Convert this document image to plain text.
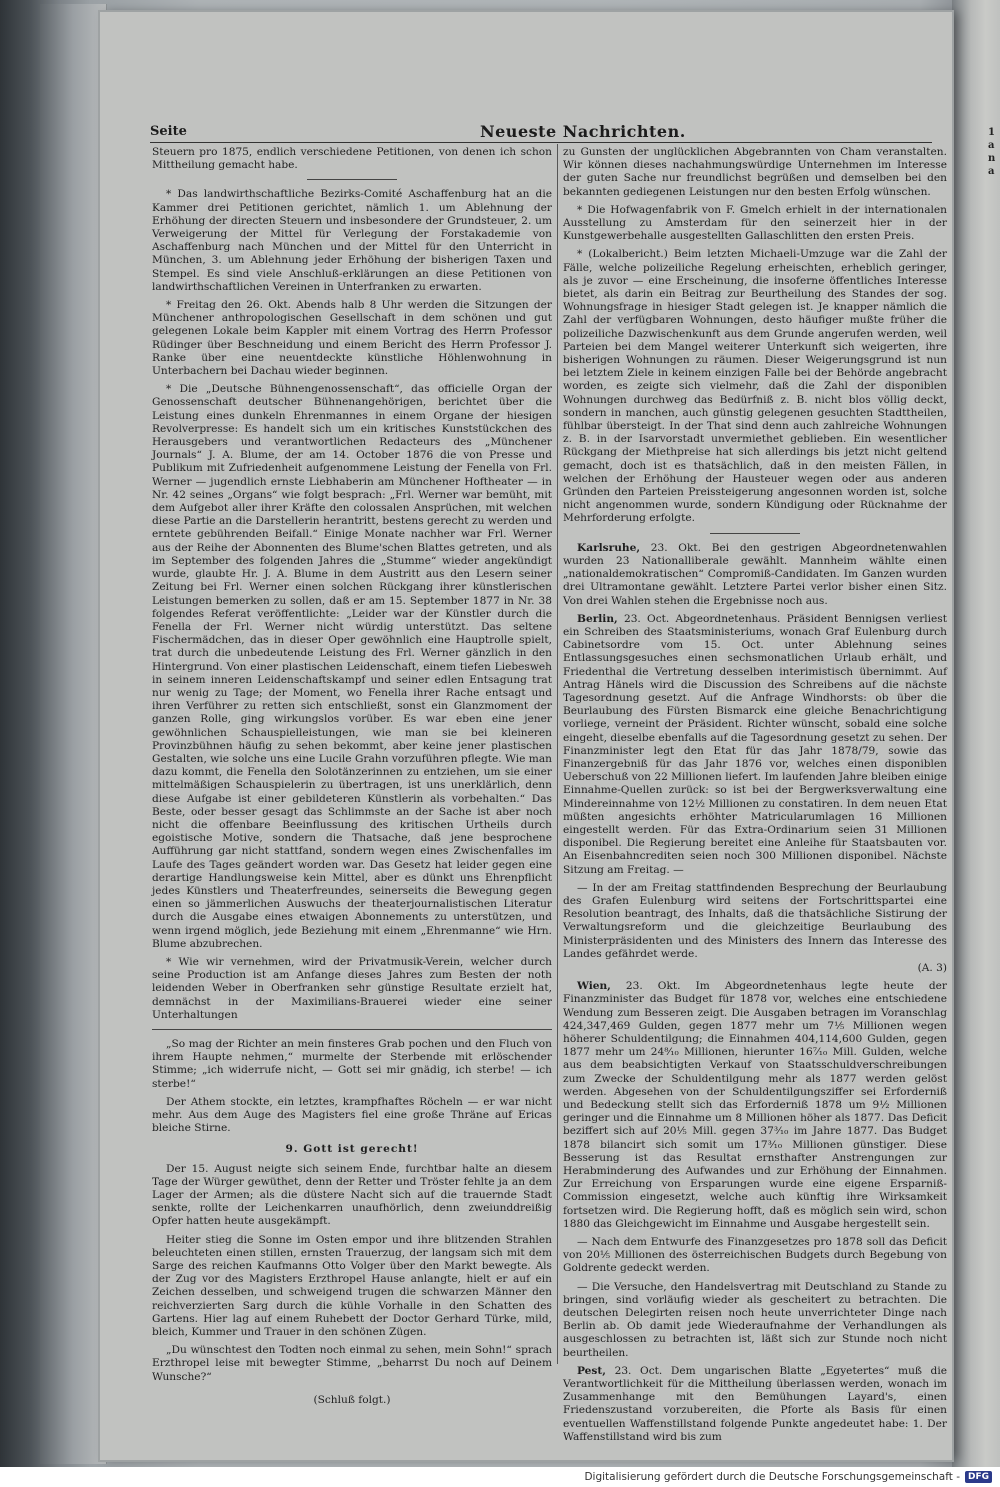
1
a
n
a
Seite	Neueste Nachrichten.

Steuern pro 1875, endlich verschiedene Petitionen, von denen ich schon Mittheilung gemacht habe.

* Das landwirthschaftliche Bezirks-Comité Aschaffenburg hat an die Kammer drei Petitionen gerichtet, nämlich 1. um Ablehnung der Erhöhung der directen Steuern und insbesondere der Grundsteuer, 2. um Verweigerung der Mittel für Verlegung der Forstakademie von Aschaffenburg nach München und der Mittel für den Unterricht in München, 3. um Ablehnung jeder Erhöhung der bisherigen Taxen und Stempel. Es sind viele Anschluß-erklärungen an diese Petitionen von landwirthschaftlichen Vereinen in Unterfranken zu erwarten.

* Freitag den 26. Okt. Abends halb 8 Uhr werden die Sitzungen der Münchener anthropologischen Gesellschaft in dem schönen und gut gelegenen Lokale beim Kappler mit einem Vortrag des Herrn Professor Rüdinger über Beschneidung und einem Bericht des Herrn Professor J. Ranke über eine neuentdeckte künstliche Höhlenwohnung in Unterbachern bei Dachau wieder beginnen.

* Die „Deutsche Bühnengenossenschaft“, das officielle Organ der Genossenschaft deutscher Bühnenangehörigen, berichtet über die Leistung eines dunkeln Ehrenmannes in einem Organe der hiesigen Revolverpresse: Es handelt sich um ein kritisches Kunststückchen des Herausgebers und verantwortlichen Redacteurs des „Münchener Journals“ J. A. Blume, der am 14. October 1876 die von Presse und Publikum mit Zufriedenheit aufgenommene Leistung der Fenella von Frl. Werner — jugendlich ernste Liebhaberin am Münchener Hoftheater — in Nr. 42 seines „Organs“ wie folgt besprach: „Frl. Werner war bemüht, mit dem Aufgebot aller ihrer Kräfte den colossalen Ansprüchen, mit welchen diese Partie an die Darstellerin herantritt, bestens gerecht zu werden und erntete gebührenden Beifall.“ Einige Monate nachher war Frl. Werner aus der Reihe der Abonnenten des Blume'schen Blattes getreten, und als im September des folgenden Jahres die „Stumme“ wieder angekündigt wurde, glaubte Hr. J. A. Blume in dem Austritt aus den Lesern seiner Zeitung bei Frl. Werner einen solchen Rückgang ihrer künstlerischen Leistungen bemerken zu sollen, daß er am 15. September 1877 in Nr. 38 folgendes Referat veröffentlichte: „Leider war der Künstler durch die Fenella der Frl. Werner nicht würdig unterstützt. Das seltene Fischermädchen, das in dieser Oper gewöhnlich eine Hauptrolle spielt, trat durch die unbedeutende Leistung des Frl. Werner gänzlich in den Hintergrund. Von einer plastischen Leidenschaft, einem tiefen Liebesweh in seinem inneren Leidenschaftskampf und seiner edlen Entsagung trat nur wenig zu Tage; der Moment, wo Fenella ihrer Rache entsagt und ihren Verführer zu retten sich entschließt, sonst ein Glanzmoment der ganzen Rolle, ging wirkungslos vorüber. Es war eben eine jener gewöhnlichen Schauspielleistungen, wie man sie bei kleineren Provinzbühnen häufig zu sehen bekommt, aber keine jener plastischen Gestalten, wie solche uns eine Lucile Grahn vorzuführen pflegte. Wie man dazu kommt, die Fenella den Solotänzerinnen zu entziehen, um sie einer mittelmäßigen Schauspielerin zu übertragen, ist uns unerklärlich, denn diese Aufgabe ist einer gebildeteren Künstlerin als vorbehalten.“ Das Beste, oder besser gesagt das Schlimmste an der Sache ist aber noch nicht die offenbare Beeinflussung des kritischen Urtheils durch egoistische Motive, sondern die Thatsache, daß jene besprochene Aufführung gar nicht stattfand, sondern wegen eines Zwischenfalles im Laufe des Tages geändert worden war. Das Gesetz hat leider gegen eine derartige Handlungsweise kein Mittel, aber es dünkt uns Ehrenpflicht jedes Künstlers und Theaterfreundes, seinerseits die Bewegung gegen einen so jämmerlichen Auswuchs der theaterjournalistischen Literatur durch die Ausgabe eines etwaigen Abonnements zu unterstützen, und wenn irgend möglich, jede Beziehung mit einem „Ehrenmanne“ wie Hrn. Blume abzubrechen.

* Wie wir vernehmen, wird der Privatmusik-Verein, welcher durch seine Production ist am Anfange dieses Jahres zum Besten der noth leidenden Weber in Oberfranken sehr günstige Resultate erzielt hat, demnächst in der Maximilians-Brauerei wieder eine seiner Unterhaltungen

„So mag der Richter an mein finsteres Grab pochen und den Fluch von ihrem Haupte nehmen,“ murmelte der Sterbende mit erlöschender Stimme; „ich widerrufe nicht, — Gott sei mir gnädig, ich sterbe! — ich sterbe!“

Der Athem stockte, ein letztes, krampfhaftes Röcheln — er war nicht mehr. Aus dem Auge des Magisters fiel eine große Thräne auf Ericas bleiche Stirne.

9. Gott ist gerecht!

Der 15. August neigte sich seinem Ende, furchtbar halte an diesem Tage der Würger gewüthet, denn der Retter und Tröster fehlte ja an dem Lager der Armen; als die düstere Nacht sich auf die trauernde Stadt senkte, rollte der Leichenkarren unaufhörlich, denn zweiunddreißig Opfer hatten heute ausgekämpft.

Heiter stieg die Sonne im Osten empor und ihre blitzenden Strahlen beleuchteten einen stillen, ernsten Trauerzug, der langsam sich mit dem Sarge des reichen Kaufmanns Otto Volger über den Markt bewegte. Als der Zug vor des Magisters Erzthropel Hause anlangte, hielt er auf ein Zeichen desselben, und schweigend trugen die schwarzen Männer den reichverzierten Sarg durch die kühle Vorhalle in den Schatten des Gartens. Hier lag auf einem Ruhebett der Doctor Gerhard Türke, mild, bleich, Kummer und Trauer in den schönen Zügen.

„Du wünschtest den Todten noch einmal zu sehen, mein Sohn!“ sprach Erzthropel leise mit bewegter Stimme, „beharrst Du noch auf Deinem Wunsche?“

(Schluß folgt.)

zu Gunsten der unglücklichen Abgebrannten von Cham veranstalten. Wir können dieses nachahmungswürdige Unternehmen im Interesse der guten Sache nur freundlichst begrüßen und demselben bei den bekannten gediegenen Leistungen nur den besten Erfolg wünschen.

* Die Hofwagenfabrik von F. Gmelch erhielt in der internationalen Ausstellung zu Amsterdam für den seinerzeit hier in der Kunstgewerbehalle ausgestellten Gallaschlitten den ersten Preis.

* (Lokalbericht.) Beim letzten Michaeli-Umzuge war die Zahl der Fälle, welche polizeiliche Regelung erheischten, erheblich geringer, als je zuvor — eine Erscheinung, die insoferne öffentliches Interesse bietet, als darin ein Beitrag zur Beurtheilung des Standes der sog. Wohnungsfrage in hiesiger Stadt gelegen ist. Je knapper nämlich die Zahl der verfügbaren Wohnungen, desto häufiger mußte früher die polizeiliche Dazwischenkunft aus dem Grunde angerufen werden, weil Parteien bei dem Mangel weiterer Unterkunft sich weigerten, ihre bisherigen Wohnungen zu räumen. Dieser Weigerungsgrund ist nun bei letztem Ziele in keinem einzigen Falle bei der Behörde angebracht worden, es zeigte sich vielmehr, daß die Zahl der disponiblen Wohnungen durchweg das Bedürfniß z. B. nicht blos völlig deckt, sondern in manchen, auch günstig gelegenen gesuchten Stadttheilen, fühlbar übersteigt. In der That sind denn auch zahlreiche Wohnungen z. B. in der Isarvorstadt unvermiethet geblieben. Ein wesentlicher Rückgang der Miethpreise hat sich allerdings bis jetzt nicht geltend gemacht, doch ist es thatsächlich, daß in den meisten Fällen, in welchen der Erhöhung der Hausteuer wegen oder aus anderen Gründen den Parteien Preissteigerung angesonnen worden ist, solche nicht angenommen wurde, sondern Kündigung oder Rücknahme der Mehrforderung erfolgte.

Karlsruhe, 23. Okt. Bei den gestrigen Abgeordnetenwahlen wurden 23 Nationalliberale gewählt. Mannheim wählte einen „nationaldemokratischen“ Compromiß-Candidaten. Im Ganzen wurden drei Ultramontane gewählt. Letztere Partei verlor bisher einen Sitz. Von drei Wahlen stehen die Ergebnisse noch aus.

Berlin, 23. Oct. Abgeordnetenhaus. Präsident Bennigsen verliest ein Schreiben des Staatsministeriums, wonach Graf Eulenburg durch Cabinetsordre vom 15. Oct. unter Ablehnung seines Entlassungsgesuches einen sechsmonatlichen Urlaub erhält, und Friedenthal die Vertretung desselben interimistisch übernimmt. Auf Antrag Hänels wird die Discussion des Schreibens auf die nächste Tagesordnung gesetzt. Auf die Anfrage Windhorsts: ob über die Beurlaubung des Fürsten Bismarck eine gleiche Benachrichtigung vorliege, verneint der Präsident. Richter wünscht, sobald eine solche eingeht, dieselbe ebenfalls auf die Tagesordnung gesetzt zu sehen. Der Finanzminister legt den Etat für das Jahr 1878/79, sowie das Finanzergebniß für das Jahr 1876 vor, welches einen disponiblen Ueberschuß von 22 Millionen liefert. Im laufenden Jahre bleiben einige Einnahme-Quellen zurück: so ist bei der Bergwerksverwaltung eine Mindereinnahme von 12½ Millionen zu constatiren. In dem neuen Etat müßten angesichts erhöhter Matricularumlagen 16 Millionen eingestellt werden. Für das Extra-Ordinarium seien 31 Millionen disponibel. Die Regierung bereitet eine Anleihe für Staatsbauten vor. An Eisenbahncrediten seien noch 300 Millionen disponibel. Nächste Sitzung am Freitag. —

— In der am Freitag stattfindenden Besprechung der Beurlaubung des Grafen Eulenburg wird seitens der Fortschrittspartei eine Resolution beantragt, des Inhalts, daß die thatsächliche Sistirung der Verwaltungsreform und die gleichzeitige Beurlaubung des Ministerpräsidenten und des Ministers des Innern das Interesse des Landes gefährdet werde.

(A. 3)

Wien, 23. Okt. Im Abgeordnetenhaus legte heute der Finanzminister das Budget für 1878 vor, welches eine entschiedene Wendung zum Besseren zeigt. Die Ausgaben betragen im Voranschlag 424,347,469 Gulden, gegen 1877 mehr um 7⅕ Millionen wegen höherer Schuldentilgung; die Einnahmen 404,114,600 Gulden, gegen 1877 mehr um 24⁸⁄₁₀ Millionen, hierunter 16⁷⁄₁₀ Mill. Gulden, welche aus dem beabsichtigten Verkauf von Staatsschuldverschreibungen zum Zwecke der Schuldentilgung mehr als 1877 werden gelöst werden. Abgesehen von der Schuldentilgungsziffer sei Erforderniß und Bedeckung stellt sich das Erforderniß 1878 um 9½ Millionen geringer und die Einnahme um 8 Millionen höher als 1877. Das Deficit beziffert sich auf 20⅕ Mill. gegen 37³⁄₁₀ im Jahre 1877. Das Budget 1878 bilancirt sich somit um 17³⁄₁₀ Millionen günstiger. Diese Besserung ist das Resultat ernsthafter Anstrengungen zur Herabminderung des Aufwandes und zur Erhöhung der Einnahmen. Zur Erreichung von Ersparungen wurde eine eigene Ersparniß-Commission eingesetzt, welche auch künftig ihre Wirksamkeit fortsetzen wird. Die Regierung hofft, daß es möglich sein wird, schon 1880 das Gleichgewicht im Einnahme und Ausgabe hergestellt sein.

— Nach dem Entwurfe des Finanzgesetzes pro 1878 soll das Deficit von 20⅕ Millionen des österreichischen Budgets durch Begebung von Goldrente gedeckt werden.

— Die Versuche, den Handelsvertrag mit Deutschland zu Stande zu bringen, sind vorläufig wieder als gescheitert zu betrachten. Die deutschen Delegirten reisen noch heute unverrichteter Dinge nach Berlin ab. Ob damit jede Wiederaufnahme der Verhandlungen als ausgeschlossen zu betrachten ist, läßt sich zur Stunde noch nicht beurtheilen.

Pest, 23. Oct. Dem ungarischen Blatte „Egyetertes“ muß die Verantwortlichkeit für die Mittheilung überlassen werden, wonach im Zusammenhange mit den Bemühungen Layard's, einen Friedenszustand vorzubereiten, die Pforte als Basis für einen eventuellen Waffenstillstand folgende Punkte angedeutet habe: 1. Der Waffenstillstand wird bis zum

Digitalisierung gefördert durch die Deutsche Forschungsgemeinschaft - DFG
